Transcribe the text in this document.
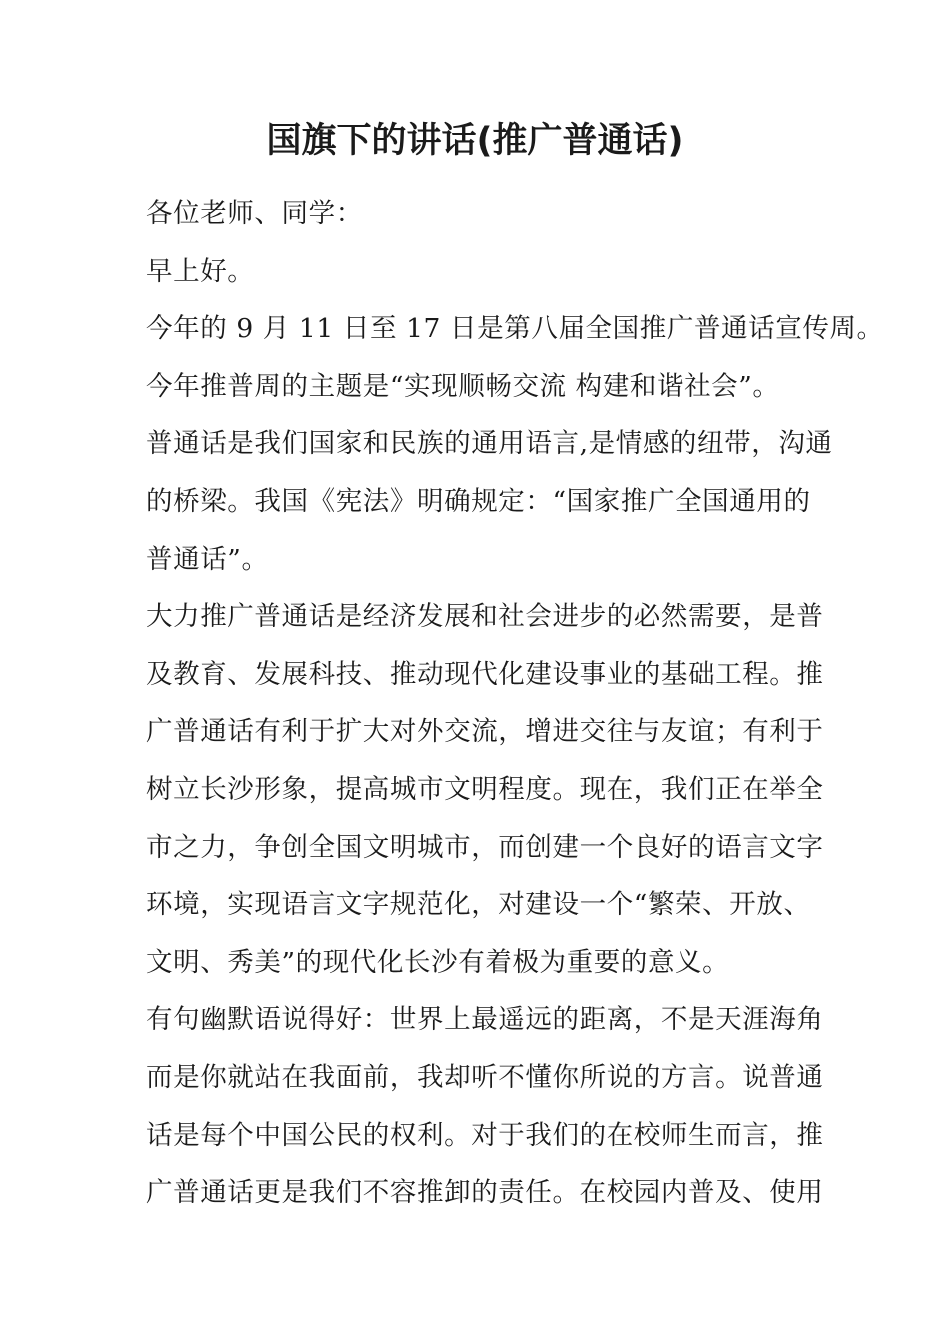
国旗下的讲话(推广普通话)
各位老师、同学：
早上好。
今年的 9 月 11 日至 17 日是第八届全国推广普通话宣传周。
今年推普周的主题是“实现顺畅交流 构建和谐社会”。
普通话是我们国家和民族的通用语言,是情感的纽带，沟通
的桥梁。我国《宪法》明确规定：“国家推广全国通用的
普通话”。
大力推广普通话是经济发展和社会进步的必然需要，是普
及教育、发展科技、推动现代化建设事业的基础工程。推
广普通话有利于扩大对外交流，增进交往与友谊；有利于
树立长沙形象，提高城市文明程度。现在，我们正在举全
市之力，争创全国文明城市，而创建一个良好的语言文字
环境，实现语言文字规范化，对建设一个“繁荣、开放、
文明、秀美”的现代化长沙有着极为重要的意义。
有句幽默语说得好：世界上最遥远的距离，不是天涯海角
而是你就站在我面前，我却听不懂你所说的方言。说普通
话是每个中国公民的权利。对于我们的在校师生而言，推
广普通话更是我们不容推卸的责任。在校园内普及、使用
